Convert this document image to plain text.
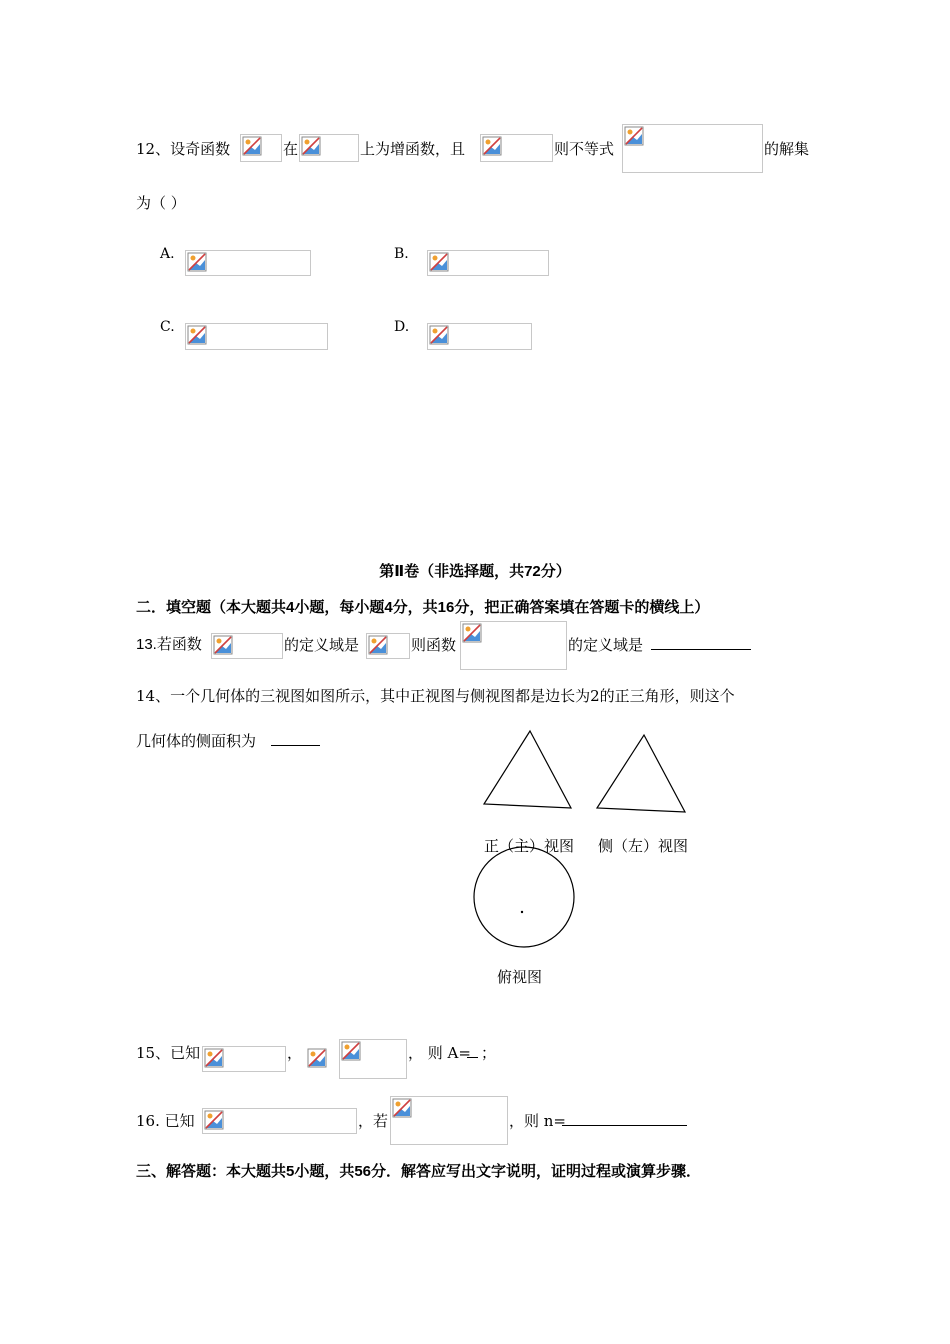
12、设奇函数	在	上为增函数，且	则不等式	的解集
为（ ）
A.	B.
C.	D.
第Ⅱ卷（非选择题，共72分）
二．填空题（本大题共4小题，每小题4分，共16分，把正确答案填在答题卡的横线上）
13.若函数	的定义域是	则函数	的定义域是
14、一个几何体的三视图如图所示，其中正视图与侧视图都是边长为2的正三角形，则这个
几何体的侧面积为
正（主）视图 侧（左）视图
俯视图
15、已知	，	， 则 A= ；
16. 已知	，若	，则 n=
三、解答题：本大题共5小题，共56分．解答应写出文字说明，证明过程或演算步骤．
